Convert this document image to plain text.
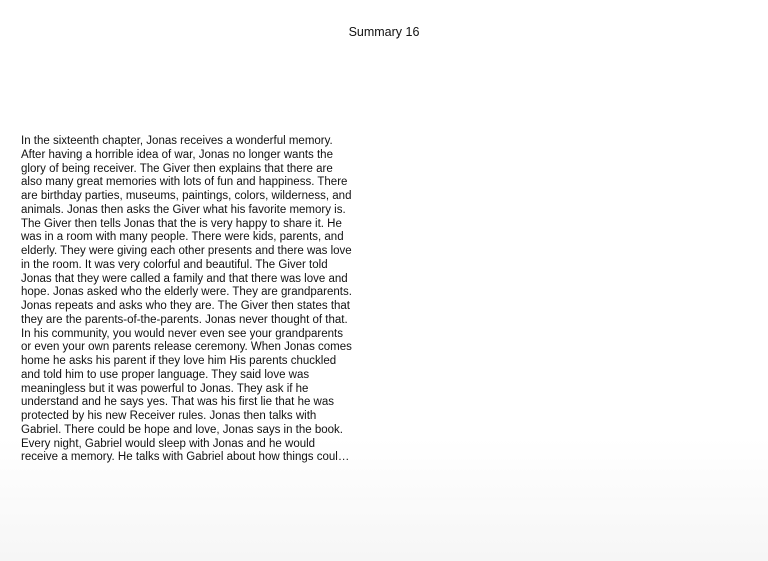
Summary 16
In the sixteenth chapter, Jonas receives a wonderful memory.
After having a horrible idea of war, Jonas no longer wants the
glory of being receiver. The Giver then explains that there are
also many great memories with lots of fun and happiness. There
are birthday parties, museums, paintings, colors, wilderness, and
animals. Jonas then asks the Giver what his favorite memory is.
The Giver then tells Jonas that the is very happy to share it. He
was in a room with many people. There were kids, parents, and
elderly. They were giving each other presents and there was love
in the room. It was very colorful and beautiful. The Giver told
Jonas that they were called a family and that there was love and
hope. Jonas asked who the elderly were. They are grandparents.
Jonas repeats and asks who they are. The Giver then states that
they are the parents-of-the-parents. Jonas never thought of that.
In his community, you would never even see your grandparents
or even your own parents release ceremony. When Jonas comes
home he asks his parent if they love him His parents chuckled
and told him to use proper language. They said love was
meaningless but it was powerful to Jonas. They ask if he
understand and he says yes. That was his first lie that he was
protected by his new Receiver rules. Jonas then talks with
Gabriel. There could be hope and love, Jonas says in the book.
Every night, Gabriel would sleep with Jonas and he would
receive a memory. He talks with Gabriel about how things coul…
